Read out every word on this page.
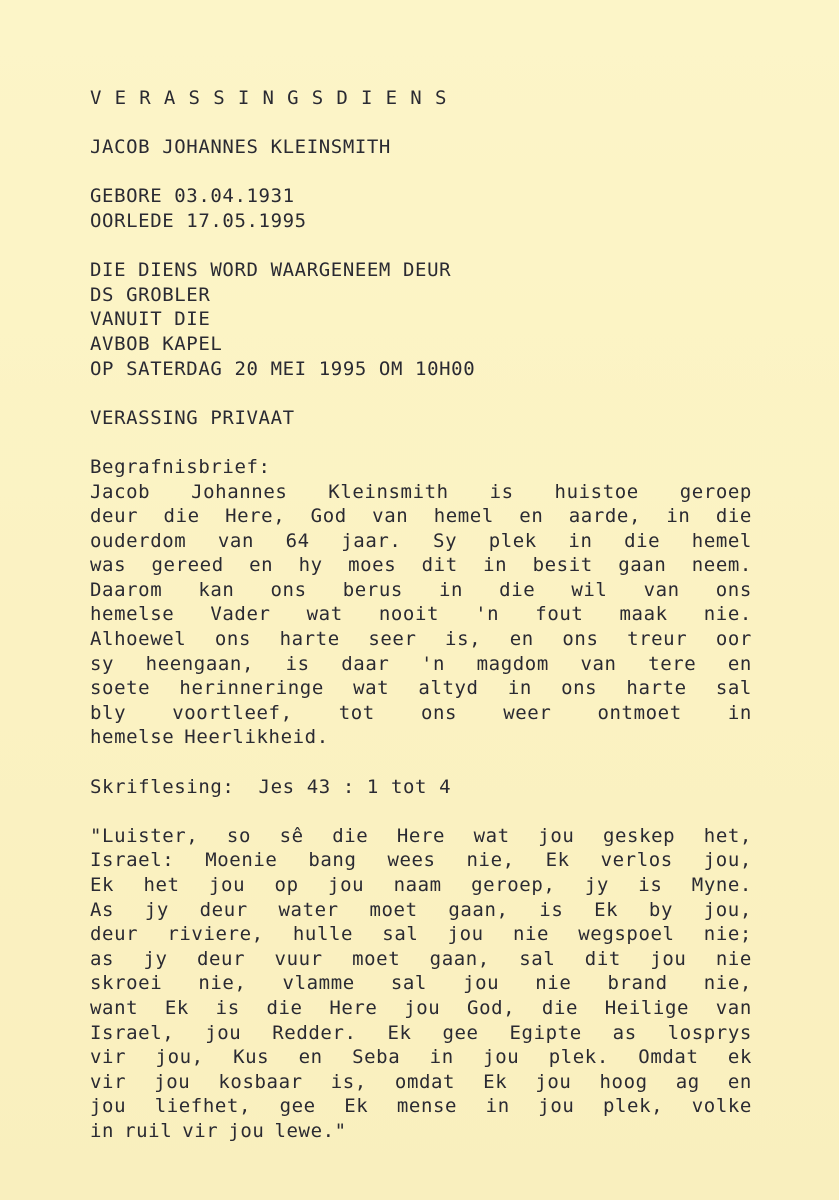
VERASSINGSDIENS
JACOB JOHANNES KLEINSMITH
GEBORE 03.04.1931
OORLEDE 17.05.1995
DIE DIENS WORD WAARGENEEM DEUR
DS GROBLER
VANUIT DIE
AVBOB KAPEL
OP SATERDAG 20 MEI 1995 OM 10H00
VERASSING PRIVAAT
Begrafnisbrief:
Jacob Johannes Kleinsmith is huistoe geroep
deur die Here, God van hemel en aarde, in die
ouderdom van 64 jaar. Sy plek in die hemel
was gereed en hy moes dit in besit gaan neem.
Daarom kan ons berus in die wil van ons
hemelse Vader wat nooit 'n fout maak nie.
Alhoewel ons harte seer is, en ons treur oor
sy heengaan, is daar 'n magdom van tere en
soete herinneringe wat altyd in ons harte sal
bly voortleef, tot ons weer ontmoet in
hemelse Heerlikheid.
Skriflesing:  Jes 43 : 1 tot 4
"Luister, so sê die Here wat jou geskep het,
Israel: Moenie bang wees nie, Ek verlos jou,
Ek het jou op jou naam geroep, jy is Myne.
As jy deur water moet gaan, is Ek by jou,
deur riviere, hulle sal jou nie wegspoel nie;
as jy deur vuur moet gaan, sal dit jou nie
skroei nie, vlamme sal jou nie brand nie,
want Ek is die Here jou God, die Heilige van
Israel, jou Redder. Ek gee Egipte as losprys
vir jou, Kus en Seba in jou plek. Omdat ek
vir jou kosbaar is, omdat Ek jou hoog ag en
jou liefhet, gee Ek mense in jou plek, volke
in ruil vir jou lewe."
